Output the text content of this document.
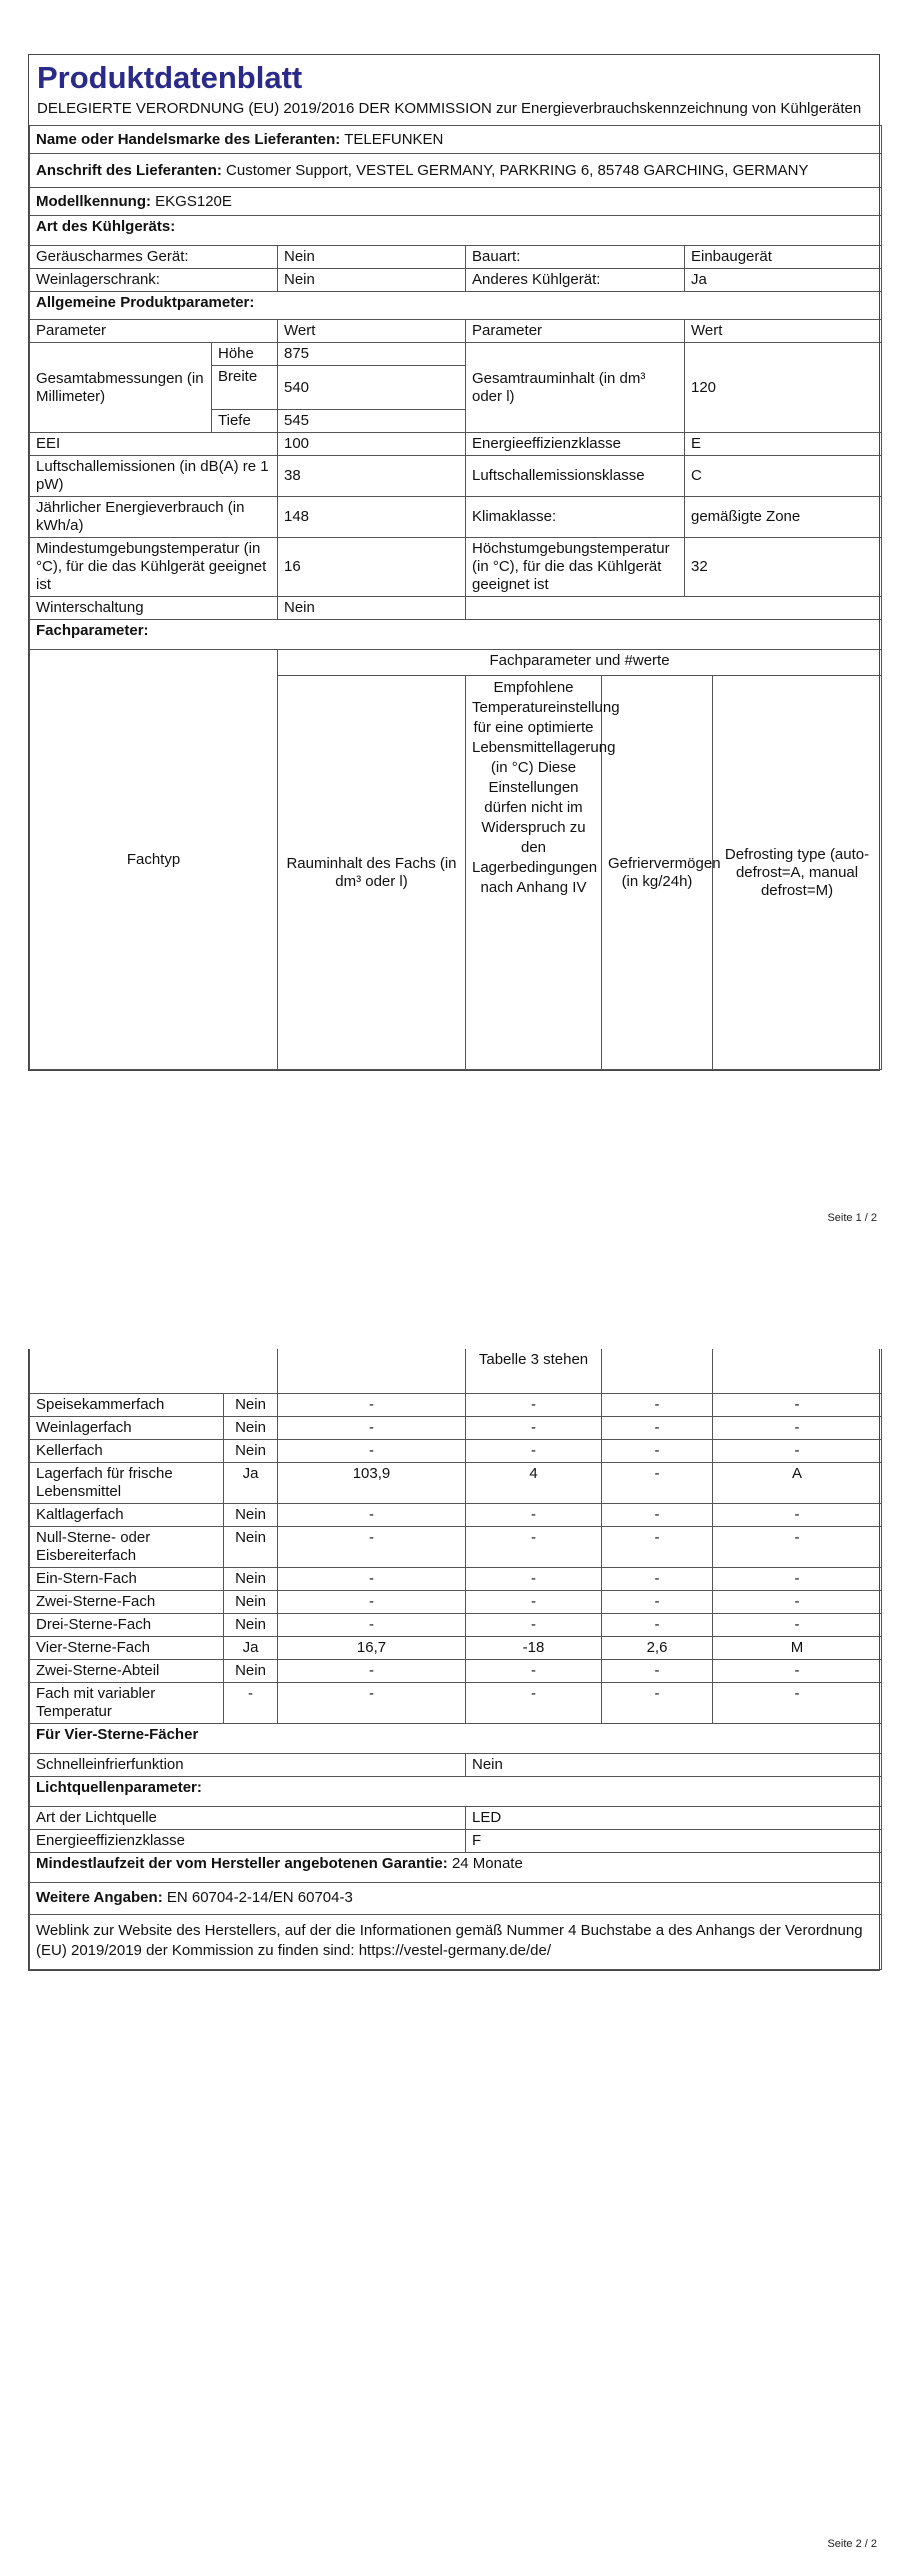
Produktdatenblatt
DELEGIERTE VERORDNUNG (EU) 2019/2016 DER KOMMISSION zur Energieverbrauchskennzeichnung von Kühlgeräten
Name oder Handelsmarke des Lieferanten: TELEFUNKEN				
Anschrift des Lieferanten: Customer Support, VESTEL GERMANY, PARKRING 6, 85748 GARCHING, GERMANY				
Modellkennung: EKGS120E				
Art des Kühlgeräts:				
Geräuscharmes Gerät:		Nein	Bauart:	Einbaugerät
Weinlagerschrank:		Nein	Anderes Kühlgerät:	Ja
Allgemeine Produktparameter:				
Parameter		Wert	Parameter	Wert
Gesamtabmessungen (in Millimeter)	Höhe	875	Gesamtrauminhalt (in dm³ oder l)	120
	Breite	540		
	Tiefe	545		
EEI		100	Energieeffizienzklasse	E
Luftschallemissionen (in dB(A) re 1 pW)		38	Luftschallemissionsklasse	C
Jährlicher Energieverbrauch (in kWh/a)		148	Klimaklasse:	gemäßigte Zone
Mindestumgebungstemperatur (in °C), für die das Kühlgerät geeignet ist		16	Höchstumgebungstemperatur (in °C), für die das Kühlgerät geeignet ist	32
Winterschaltung		Nein		
Fachparameter:				
Fachtyp	Fachparameter und #werte			
	Rauminhalt des Fachs (in dm³ oder l)	Empfohlene Temperatureinstellung für eine optimierte Lebensmittellagerung (in °C) Diese Einstellungen dürfen nicht im Widerspruch zu den Lagerbedingungen nach Anhang IV	Gefriervermögen (in kg/24h)	Defrosting type (auto-defrost=A, manual defrost=M)
Seite 1 / 2
			Tabelle 3 stehen		
Speisekammerfach	Nein	-	-	-	-
Weinlagerfach	Nein	-	-	-	-
Kellerfach	Nein	-	-	-	-
Lagerfach für frische Lebensmittel	Ja	103,9	4	-	A
Kaltlagerfach	Nein	-	-	-	-
Null-Sterne- oder Eisbereiterfach	Nein	-	-	-	-
Ein-Stern-Fach	Nein	-	-	-	-
Zwei-Sterne-Fach	Nein	-	-	-	-
Drei-Sterne-Fach	Nein	-	-	-	-
Vier-Sterne-Fach	Ja	16,7	-18	2,6	M
Zwei-Sterne-Abteil	Nein	-	-	-	-
Fach mit variabler Temperatur	-	-	-	-	-
Für Vier-Sterne-Fächer					
Schnelleinfrierfunktion			Nein		
Lichtquellenparameter:					
Art der Lichtquelle			LED		
Energieeffizienzklasse			F		
Mindestlaufzeit der vom Hersteller angebotenen Garantie: 24 Monate					
Weitere Angaben: EN 60704-2-14/EN 60704-3					
Weblink zur Website des Herstellers, auf der die Informationen gemäß Nummer 4 Buchstabe a des Anhangs der Verordnung (EU) 2019/2019 der Kommission zu finden sind: https://vestel-germany.de/de/					
Seite 2 / 2
